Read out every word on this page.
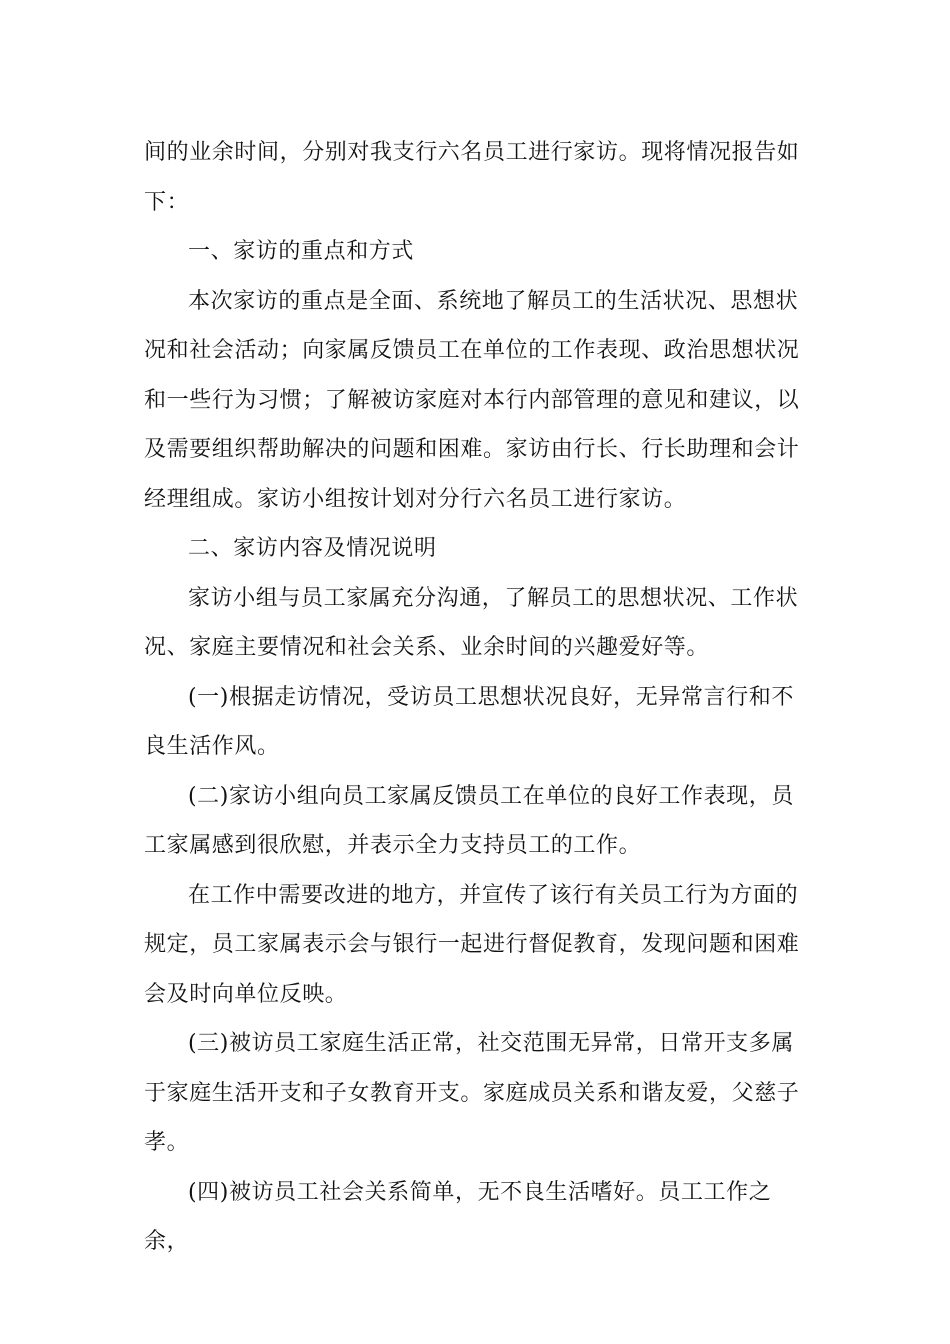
间的业余时间，分别对我支行六名员工进行家访。现将情况报告如下：

一、家访的重点和方式

本次家访的重点是全面、系统地了解员工的生活状况、思想状况和社会活动；向家属反馈员工在单位的工作表现、政治思想状况和一些行为习惯；了解被访家庭对本行内部管理的意见和建议，以及需要组织帮助解决的问题和困难。家访由行长、行长助理和会计经理组成。家访小组按计划对分行六名员工进行家访。

二、家访内容及情况说明

家访小组与员工家属充分沟通，了解员工的思想状况、工作状况、家庭主要情况和社会关系、业余时间的兴趣爱好等。

(一)根据走访情况，受访员工思想状况良好，无异常言行和不良生活作风。

(二)家访小组向员工家属反馈员工在单位的良好工作表现，员工家属感到很欣慰，并表示全力支持员工的工作。

在工作中需要改进的地方，并宣传了该行有关员工行为方面的规定，员工家属表示会与银行一起进行督促教育，发现问题和困难会及时向单位反映。

(三)被访员工家庭生活正常，社交范围无异常，日常开支多属于家庭生活开支和子女教育开支。家庭成员关系和谐友爱，父慈子孝。

(四)被访员工社会关系简单，无不良生活嗜好。员工工作之余，
